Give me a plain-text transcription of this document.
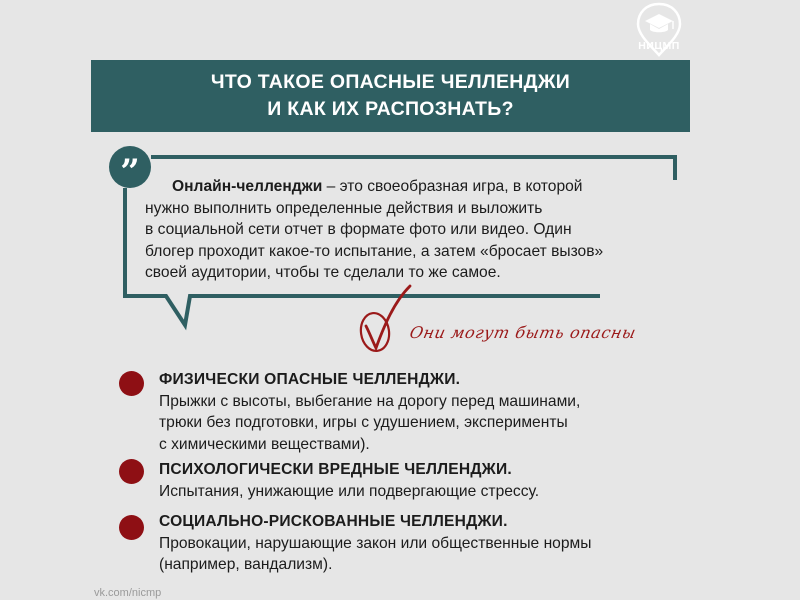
НИЦМП
ЧТО ТАКОЕ ОПАСНЫЕ ЧЕЛЛЕНДЖИ
И КАК ИХ РАСПОЗНАТЬ?
”	Онлайн-челленджи – это своеобразная игра, в которой
нужно выполнить определенные действия и выложить
в социальной сети отчет в формате фото или видео. Один
блогер проходит какое-то испытание, а затем «бросает вызов»
своей аудитории, чтобы те сделали то же самое.
Они могут быть опасны
ФИЗИЧЕСКИ ОПАСНЫЕ ЧЕЛЛЕНДЖИ.
Прыжки с высоты, выбегание на дорогу перед машинами,
трюки без подготовки, игры с удушением, эксперименты
с химическими веществами).
ПСИХОЛОГИЧЕСКИ ВРЕДНЫЕ ЧЕЛЛЕНДЖИ.
Испытания, унижающие или подвергающие стрессу.
СОЦИАЛЬНО-РИСКОВАННЫЕ ЧЕЛЛЕНДЖИ.
Провокации, нарушающие закон или общественные нормы
(например, вандализм).
vk.com/nicmp
